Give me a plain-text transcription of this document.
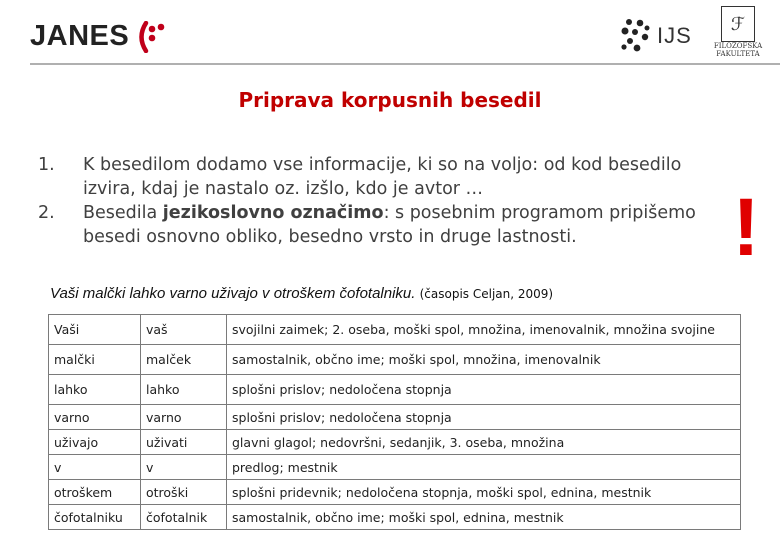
JANES	IJS	ℱ
FILOZOFSKA
FAKULTETA
Priprava korpusnih besedil
1. K besedilom dodamo vse informacije, ki so na voljo: od kod besedilo izvira, kdaj je nastalo oz. izšlo, kdo je avtor …
2. Besedila jezikoslovno označimo: s posebnim programom pripišemo besedi osnovno obliko, besedno vrsto in druge lastnosti.	!
Vaši malčki lahko varno uživajo v otroškem čofotalniku. (časopis Celjan, 2009)
Vaši	vaš	svojilni zaimek; 2. oseba, moški spol, množina, imenovalnik, množina svojine
malčki	malček	samostalnik, občno ime; moški spol, množina, imenovalnik
lahko	lahko	splošni prislov; nedoločena stopnja
varno	varno	splošni prislov; nedoločena stopnja
uživajo	uživati	glavni glagol; nedovršni, sedanjik, 3. oseba, množina
v	v	predlog; mestnik
otroškem	otroški	splošni pridevnik; nedoločena stopnja, moški spol, ednina, mestnik
čofotalniku	čofotalnik	samostalnik, občno ime; moški spol, ednina, mestnik
